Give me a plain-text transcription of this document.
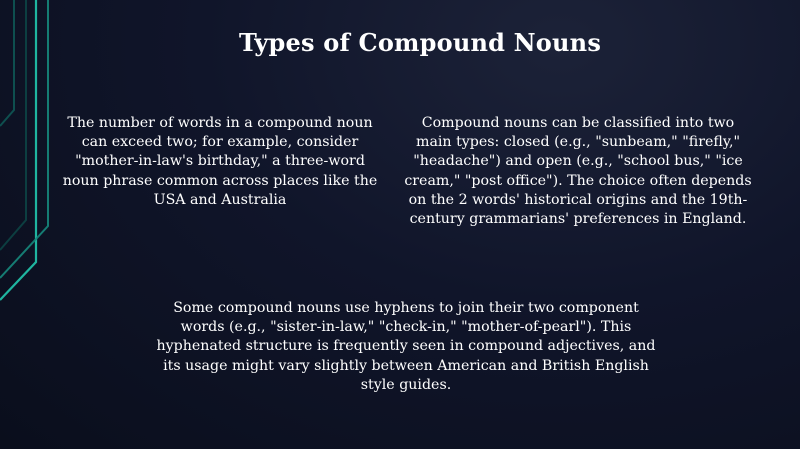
Types of Compound Nouns

The number of words in a compound noun can exceed two; for example, consider "mother-in-law's birthday," a three-word noun phrase common across places like the USA and Australia

Compound nouns can be classified into two main types: closed (e.g., "sunbeam," "firefly," "headache") and open (e.g., "school bus," "ice cream," "post office"). The choice often depends on the 2 words' historical origins and the 19th-century grammarians' preferences in England.

Some compound nouns use hyphens to join their two component words (e.g., "sister-in-law," "check-in," "mother-of-pearl"). This hyphenated structure is frequently seen in compound adjectives, and its usage might vary slightly between American and British English style guides.
